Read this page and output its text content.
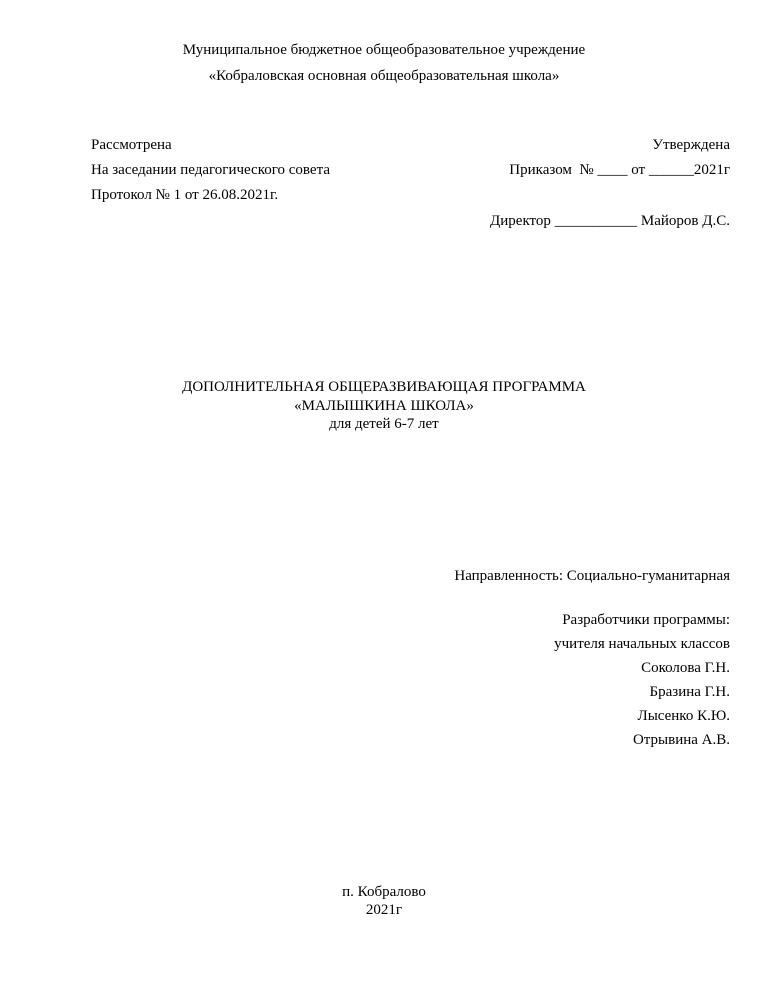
Муниципальное бюджетное общеобразовательное учреждение
«Кобраловская основная общеобразовательная школа»
Рассмотрена
На заседании педагогического совета
Протокол № 1 от 26.08.2021г.
Утверждена
Приказом  № ____ от ______2021г
Директор ___________ Майоров Д.С.
ДОПОЛНИТЕЛЬНАЯ ОБЩЕРАЗВИВАЮЩАЯ ПРОГРАММА
«МАЛЫШКИНА ШКОЛА»
для детей 6-7 лет
Направленность: Социально-гуманитарная
Разработчики программы:
учителя начальных классов
Соколова Г.Н.
Бразина Г.Н.
Лысенко К.Ю.
Отрывина А.В.
п. Кобралово
2021г
